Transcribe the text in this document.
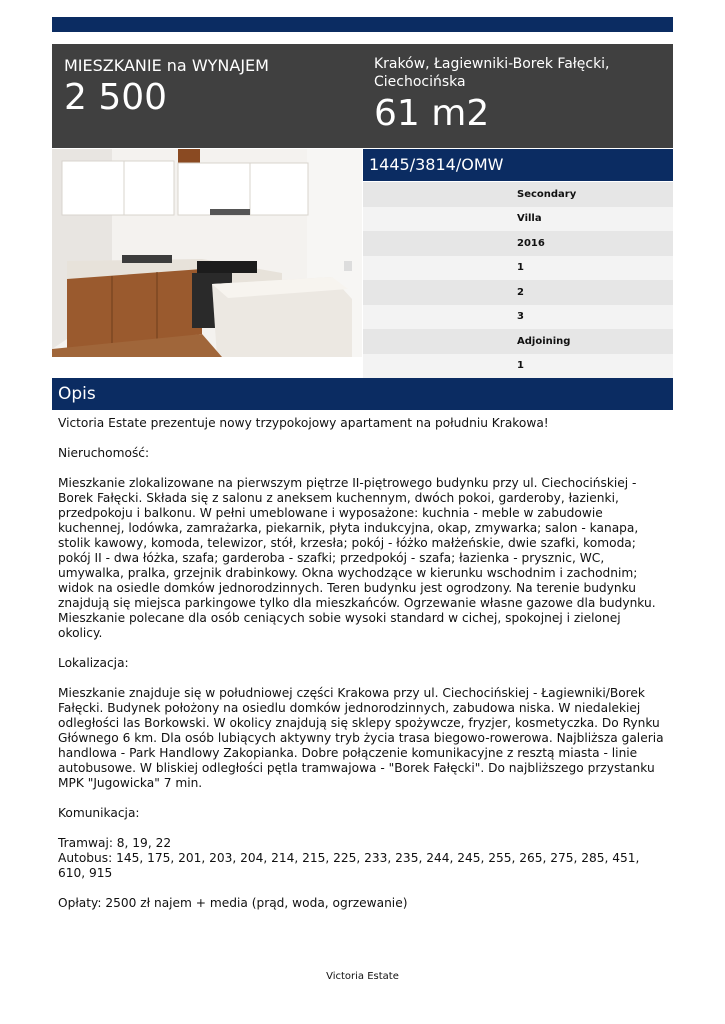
MIESZKANIE na WYNAJEM
2 500
Kraków, Łagiewniki-Borek Fałęcki, Ciechocińska
61 m2
1445/3814/OMW
Secondary
Villa
2016
1
2
3
Adjoining
1
Opis

Victoria Estate prezentuje nowy trzypokojowy apartament na południu Krakowa!

Nieruchomość:

Mieszkanie zlokalizowane na pierwszym piętrze II-piętrowego budynku przy ul. Ciechocińskiej - Borek Fałęcki. Składa się z salonu z aneksem kuchennym, dwóch pokoi, garderoby, łazienki, przedpokoju i balkonu. W pełni umeblowane i wyposażone: kuchnia - meble w zabudowie kuchennej, lodówka, zamrażarka, piekarnik, płyta indukcyjna, okap, zmywarka; salon - kanapa, stolik kawowy, komoda, telewizor, stół, krzesła; pokój - łóżko małżeńskie, dwie szafki, komoda; pokój II - dwa łóżka, szafa; garderoba - szafki; przedpokój - szafa; łazienka - prysznic, WC, umywalka, pralka, grzejnik drabinkowy. Okna wychodzące w kierunku wschodnim i zachodnim; widok na osiedle domków jednorodzinnych. Teren budynku jest ogrodzony. Na terenie budynku znajdują się miejsca parkingowe tylko dla mieszkańców. Ogrzewanie własne gazowe dla budynku. Mieszkanie polecane dla osób ceniących sobie wysoki standard w cichej, spokojnej i zielonej okolicy.

Lokalizacja:

Mieszkanie znajduje się w południowej części Krakowa przy ul. Ciechocińskiej - Łagiewniki/Borek Fałęcki. Budynek położony na osiedlu domków jednorodzinnych, zabudowa niska. W niedalekiej odległości las Borkowski. W okolicy znajdują się sklepy spożywcze, fryzjer, kosmetyczka. Do Rynku Głównego 6 km. Dla osób lubiących aktywny tryb życia trasa biegowo-rowerowa. Najbliższa galeria handlowa - Park Handlowy Zakopianka. Dobre połączenie komunikacyjne z resztą miasta - linie autobusowe. W bliskiej odległości pętla tramwajowa - "Borek Fałęcki". Do najbliższego przystanku MPK "Jugowicka" 7 min.

Komunikacja:

Tramwaj: 8, 19, 22
Autobus: 145, 175, 201, 203, 204, 214, 215, 225, 233, 235, 244, 245, 255, 265, 275, 285, 451, 610, 915

Opłaty: 2500 zł najem + media (prąd, woda, ogrzewanie)

Victoria Estate
